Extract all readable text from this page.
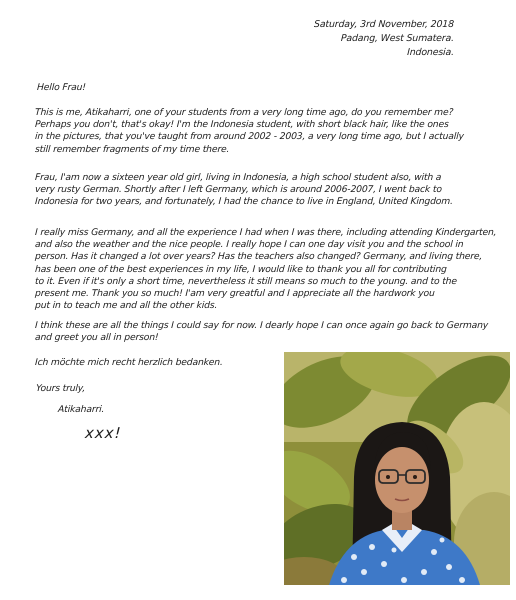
Saturday, 3rd November, 2018
Padang, West Sumatera.
Indonesia.
Hello Frau!
This is me, Atikaharri, one of your students from a very long time ago, do you remember me?
Perhaps you don't, that's okay! I'm the Indonesia student, with short black hair, like the ones
in the pictures, that you've taught from around 2002 - 2003, a very long time ago, but I actually
still remember fragments of my time there.
Frau, I'am now a sixteen year old girl, living in Indonesia, a high school student also, with a
very rusty German. Shortly after I left Germany, which is around 2006-2007, I went back to
Indonesia for two years, and fortunately, I had the chance to live in England, United Kingdom.
I really miss Germany, and all the experience I had when I was there, including attending Kindergarten,
and also the weather and the nice people. I really hope I can one day visit you and the school in
person. Has it changed a lot over years? Has the teachers also changed? Germany, and living there,
has been one of the best experiences in my life, I would like to thank you all for contributing
to it. Even if it's only a short time, nevertheless it still means so much to the young. and to the
present me. Thank you so much! I'am very greatful and I appreciate all the hardwork you
put in to teach me and all the other kids.
I think these are all the things I could say for now. I dearly hope I can once again go back to Germany
and greet you all in person!
Ich möchte mich recht herzlich bedanken.
Yours truly,
Atikaharri.
xxx!
